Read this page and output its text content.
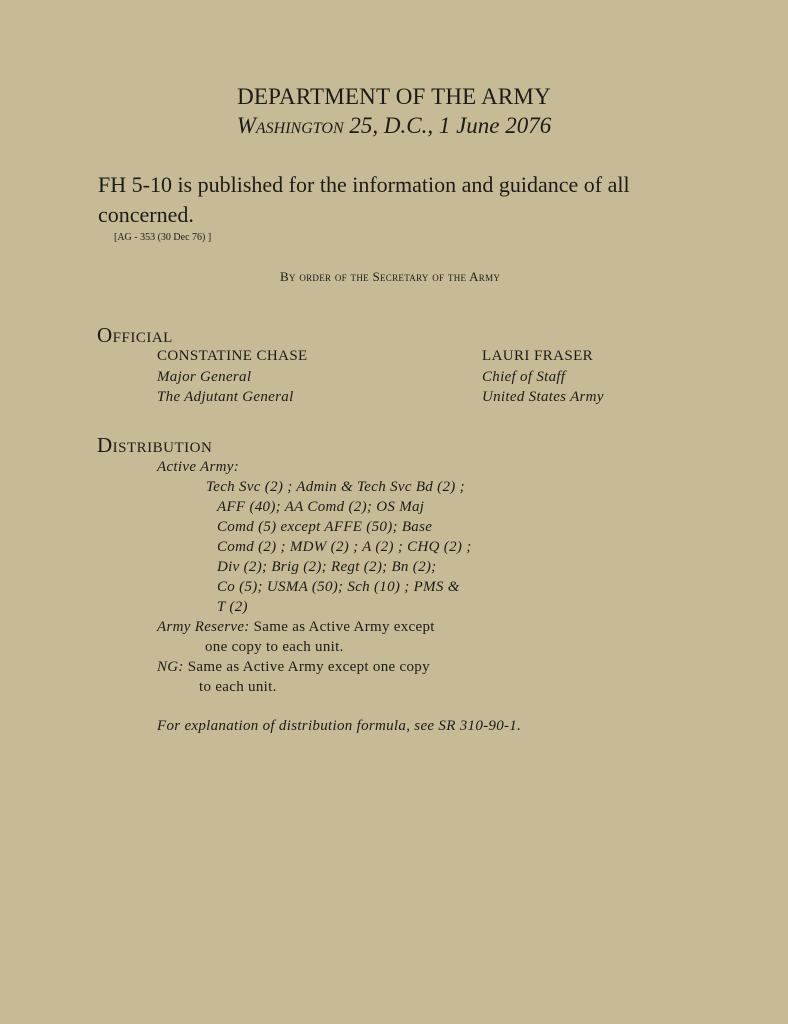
DEPARTMENT OF THE ARMY
Washington 25, D.C., 1 June 2076
FH 5-10 is published for the information and guidance of all concerned.
[AG - 353 (30 Dec 76) ]
By order of the Secretary of the Army
Official
CONSTATINE CHASE
Major General
The Adjutant General
LAURI FRASER
Chief of Staff
United States Army
Distribution
Active Army:
Tech Svc (2) ; Admin & Tech Svc Bd (2) ;
AFF (40); AA Comd (2); OS Maj
Comd (5) except AFFE (50); Base
Comd (2) ; MDW (2) ; A (2) ; CHQ (2) ;
Div (2); Brig (2); Regt (2); Bn (2);
Co (5); USMA (50); Sch (10) ; PMS &
T (2)
Army Reserve: Same as Active Army except
one copy to each unit.
NG: Same as Active Army except one copy
to each unit.
For explanation of distribution formula, see SR 310-90-1.
